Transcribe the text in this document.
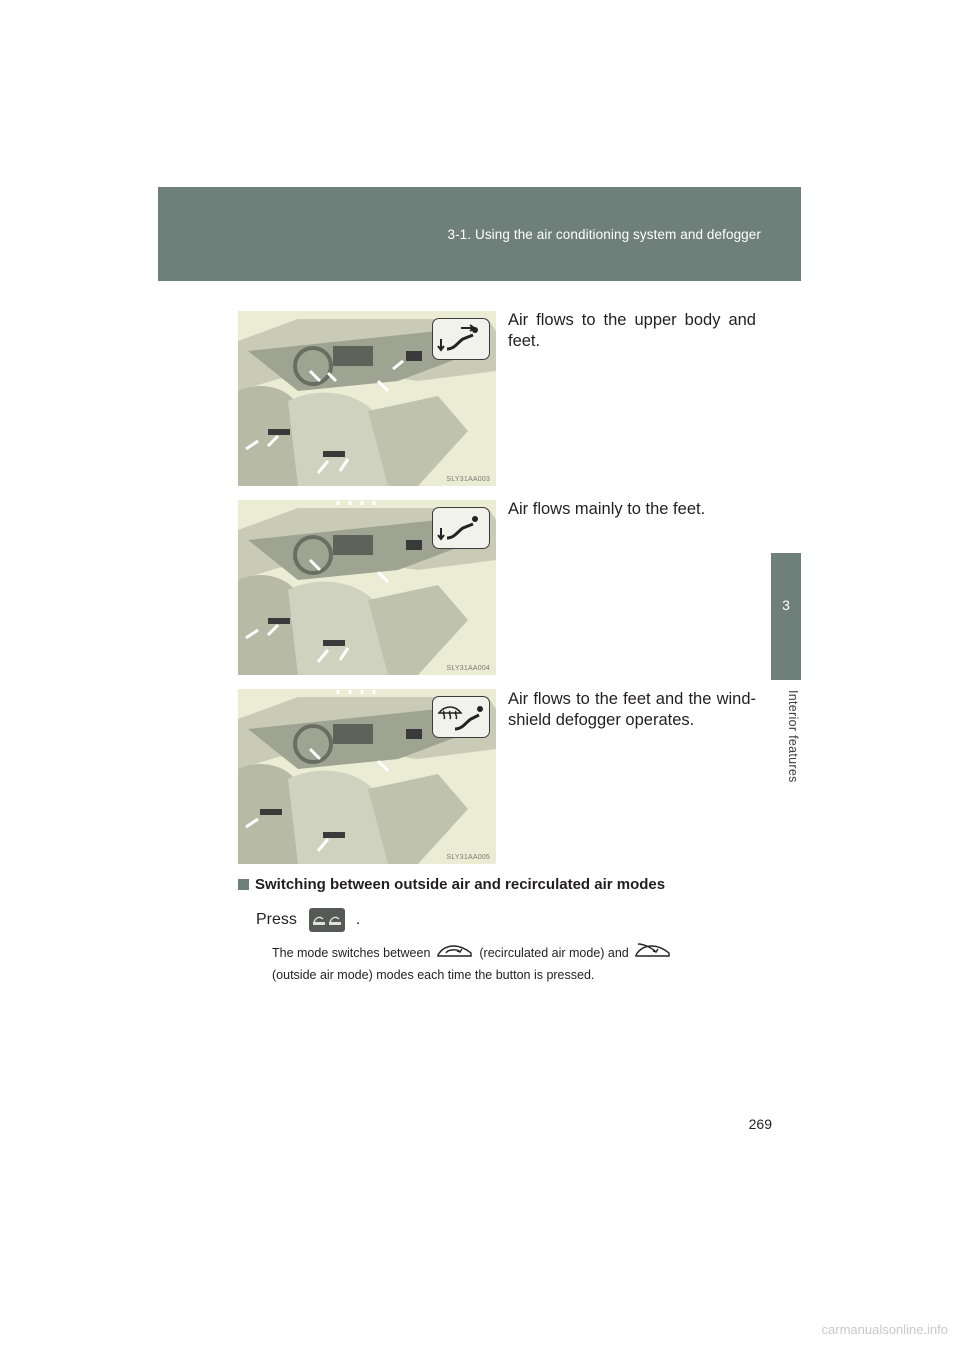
3-1. Using the air conditioning system and defogger
3
Interior features
SLY31AA003
Air flows to the upper body and feet.
SLY31AA004
Air flows mainly to the feet.
SLY31AA005
Air flows to the feet and the wind-shield defogger operates.
Switching between outside air and recirculated air modes
Press	.
The mode switches between	(recirculated air mode) and
(outside air mode) modes each time the button is pressed.
269
carmanualsonline.info
